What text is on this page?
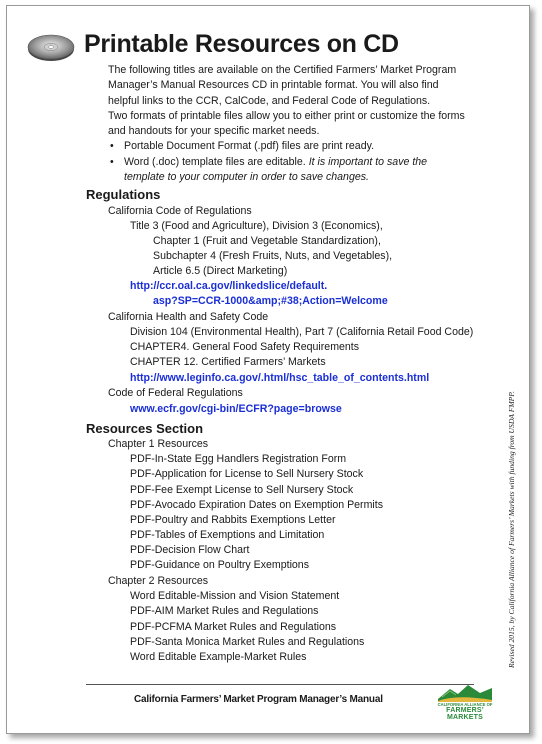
Printable Resources on CD

The following titles are available on the Certified Farmers’ Market Program Manager’s Manual Resources CD in printable format. You will also find helpful links to the CCR, CalCode, and Federal Code of Regulations.

Two formats of printable files allow you to either print or customize the forms and handouts for your specific market needs.

• Portable Document Format (.pdf) files are print ready.
• Word (.doc) template files are editable. It is important to save the template to your computer in order to save changes.
Regulations
California Code of Regulations
Title 3 (Food and Agriculture), Division 3 (Economics),
Chapter 1 (Fruit and Vegetable Standardization),
Subchapter 4 (Fresh Fruits, Nuts, and Vegetables),
Article 6.5 (Direct Marketing)
http://ccr.oal.ca.gov/linkedslice/default.
asp?SP=CCR-1000&amp;#38;Action=Welcome
California Health and Safety Code
Division 104 (Environmental Health), Part 7 (California Retail Food Code)
CHAPTER4. General Food Safety Requirements
CHAPTER 12. Certified Farmers’ Markets
http://www.leginfo.ca.gov/.html/hsc_table_of_contents.html
Code of Federal Regulations
www.ecfr.gov/cgi-bin/ECFR?page=browse
Resources Section
Chapter 1 Resources
PDF-In-State Egg Handlers Registration Form
PDF-Application for License to Sell Nursery Stock
PDF-Fee Exempt License to Sell Nursery Stock
PDF-Avocado Expiration Dates on Exemption Permits
PDF-Poultry and Rabbits Exemptions Letter
PDF-Tables of Exemptions and Limitation
PDF-Decision Flow Chart
PDF-Guidance on Poultry Exemptions
Chapter 2 Resources
Word Editable-Mission and Vision Statement
PDF-AIM Market Rules and Regulations
PDF-PCFMA Market Rules and Regulations
PDF-Santa Monica Market Rules and Regulations
Word Editable Example-Market Rules	Revised 2015, by California Alliance of Farmers’ Markets with funding from USDA FMPP.
California Farmers’ Market Program Manager’s Manual	CALIFORNIA ALLIANCE OF
FARMERS’ MARKETS
